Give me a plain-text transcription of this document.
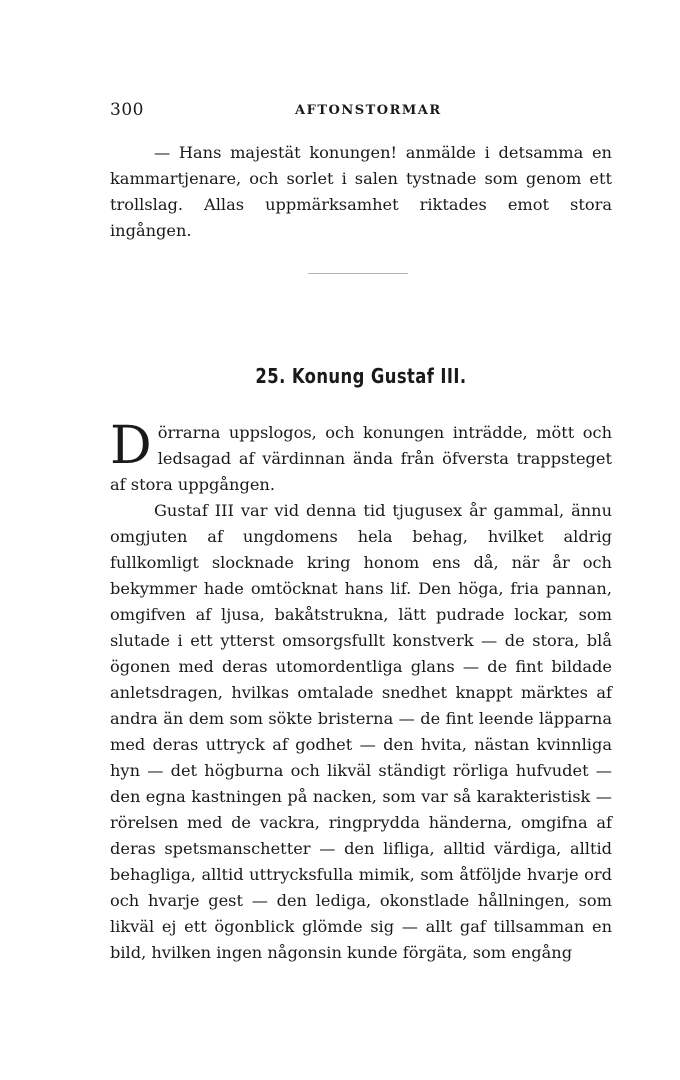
300	AFTONSTORMAR

— Hans majestät konungen! anmälde i detsamma en kammartjenare, och sorlet i salen tystnade som genom ett trollslag. Allas uppmärksamhet riktades emot stora ingången.

25. Konung Gustaf III.

Dörrarna uppslogos, och konungen inträdde, mött och ledsagad af värdinnan ända från öfversta trappsteget af stora uppgången.

Gustaf III var vid denna tid tjugusex år gammal, ännu omgjuten af ungdomens hela behag, hvilket aldrig fullkomligt slocknade kring honom ens då, när år och bekymmer hade omtöcknat hans lif. Den höga, fria pannan, omgifven af ljusa, bakåtstrukna, lätt pudrade lockar, som slutade i ett ytterst omsorgsfullt konstverk — de stora, blå ögonen med deras utomordentliga glans — de fint bildade anletsdragen, hvilkas omtalade snedhet knappt märktes af andra än dem som sökte bristerna — de fint leende läpparna med deras uttryck af godhet — den hvita, nästan kvinnliga hyn — det högburna och likväl ständigt rörliga hufvudet — den egna kastningen på nacken, som var så karakteristisk — rörelsen med de vackra, ringprydda händerna, omgifna af deras spetsmanschetter — den lifliga, alltid värdiga, alltid behagliga, alltid uttrycksfulla mimik, som åtföljde hvarje ord och hvarje gest — den lediga, okonstlade hållningen, som likväl ej ett ögonblick glömde sig — allt gaf tillsamman en bild, hvilken ingen någonsin kunde förgäta, som engång
